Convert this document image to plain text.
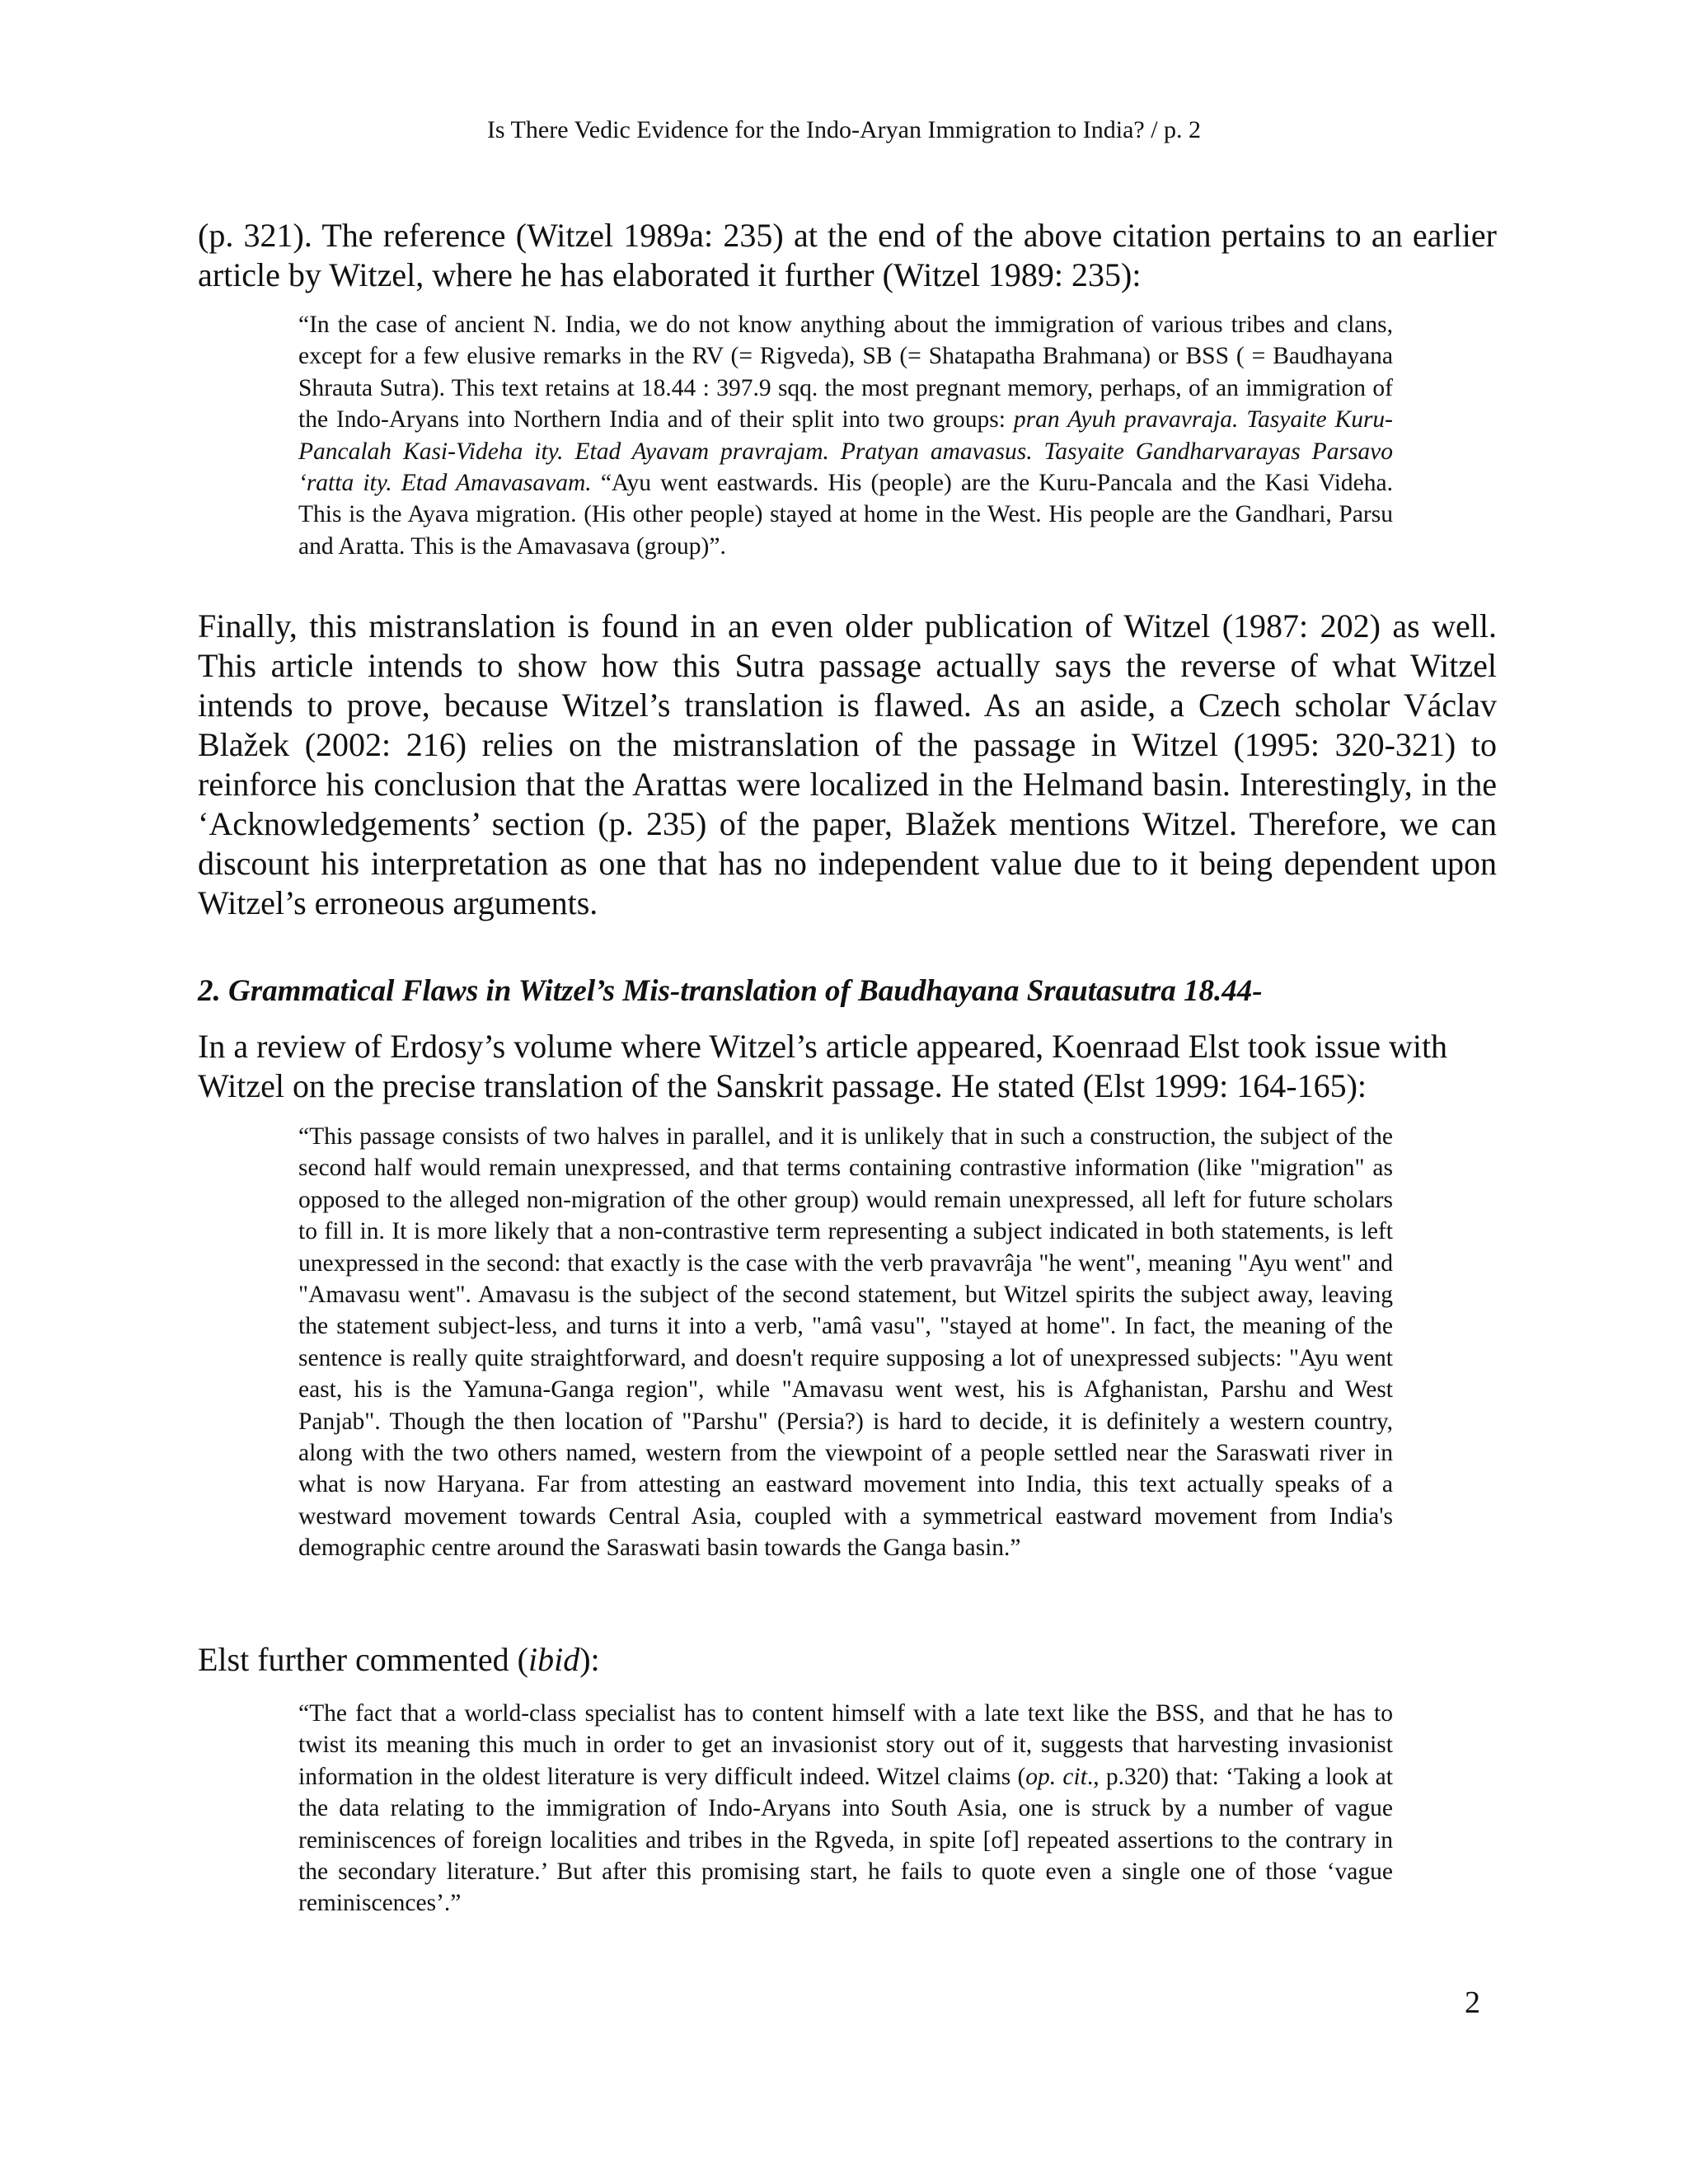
Is There Vedic Evidence for the Indo-Aryan Immigration to India? / p. 2

(p. 321). The reference (Witzel 1989a: 235) at the end of the above citation pertains to an earlier article by Witzel, where he has elaborated it further (Witzel 1989: 235):

“In the case of ancient N. India, we do not know anything about the immigration of various tribes and clans, except for a few elusive remarks in the RV (= Rigveda), SB (= Shatapatha Brahmana) or BSS ( = Baudhayana Shrauta Sutra). This text retains at 18.44 : 397.9 sqq. the most pregnant memory, perhaps, of an immigration of the Indo-Aryans into Northern India and of their split into two groups: pran Ayuh pravavraja. Tasyaite Kuru-Pancalah Kasi-Videha ity. Etad Ayavam pravrajam. Pratyan amavasus. Tasyaite Gandharvarayas Parsavo ‘ratta ity. Etad Amavasavam. “Ayu went eastwards. His (people) are the Kuru-Pancala and the Kasi Videha. This is the Ayava migration. (His other people) stayed at home in the West. His people are the Gandhari, Parsu and Aratta. This is the Amavasava (group)”.

Finally, this mistranslation is found in an even older publication of Witzel (1987: 202) as well. This article intends to show how this Sutra passage actually says the reverse of what Witzel intends to prove, because Witzel’s translation is flawed. As an aside, a Czech scholar Václav Blažek (2002: 216) relies on the mistranslation of the passage in Witzel (1995: 320-321) to reinforce his conclusion that the Arattas were localized in the Helmand basin. Interestingly, in the ‘Acknowledgements’ section (p. 235) of the paper, Blažek mentions Witzel. Therefore, we can discount his interpretation as one that has no independent value due to it being dependent upon Witzel’s erroneous arguments.

2. Grammatical Flaws in Witzel’s Mis-translation of Baudhayana Srautasutra 18.44-

In a review of Erdosy’s volume where Witzel’s article appeared, Koenraad Elst took issue with Witzel on the precise translation of the Sanskrit passage. He stated (Elst 1999: 164-165):

“This passage consists of two halves in parallel, and it is unlikely that in such a construction, the subject of the second half would remain unexpressed, and that terms containing contrastive information (like "migration" as opposed to the alleged non-migration of the other group) would remain unexpressed, all left for future scholars to fill in. It is more likely that a non-contrastive term representing a subject indicated in both statements, is left unexpressed in the second: that exactly is the case with the verb pravavrâja "he went", meaning "Ayu went" and "Amavasu went". Amavasu is the subject of the second statement, but Witzel spirits the subject away, leaving the statement subject-less, and turns it into a verb, "amâ vasu", "stayed at home". In fact, the meaning of the sentence is really quite straightforward, and doesn't require supposing a lot of unexpressed subjects: "Ayu went east, his is the Yamuna-Ganga region", while "Amavasu went west, his is Afghanistan, Parshu and West Panjab". Though the then location of "Parshu" (Persia?) is hard to decide, it is definitely a western country, along with the two others named, western from the viewpoint of a people settled near the Saraswati river in what is now Haryana. Far from attesting an eastward movement into India, this text actually speaks of a westward movement towards Central Asia, coupled with a symmetrical eastward movement from India's demographic centre around the Saraswati basin towards the Ganga basin.”

Elst further commented (ibid):

“The fact that a world-class specialist has to content himself with a late text like the BSS, and that he has to twist its meaning this much in order to get an invasionist story out of it, suggests that harvesting invasionist information in the oldest literature is very difficult indeed. Witzel claims (op. cit., p.320) that: ‘Taking a look at the data relating to the immigration of Indo-Aryans into South Asia, one is struck by a number of vague reminiscences of foreign localities and tribes in the Rgveda, in spite [of] repeated assertions to the contrary in the secondary literature.’ But after this promising start, he fails to quote even a single one of those ‘vague reminiscences’.”

2
